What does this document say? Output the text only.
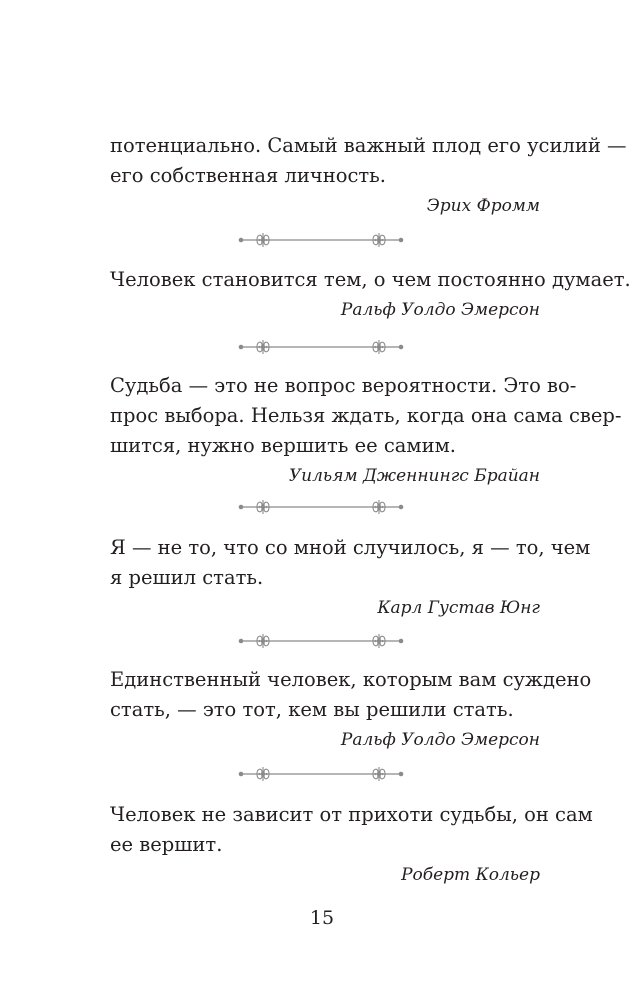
потенциально. Самый важный плод его усилий —
его собственная личность.
Эрих Фромм
Человек становится тем, о чем постоянно думает.
Ральф Уолдо Эмерсон
Судьба — это не вопрос вероятности. Это во-
прос выбора. Нельзя ждать, когда она сама свер-
шится, нужно вершить ее самим.
Уильям Дженнингс Брайан
Я — не то, что со мной случилось, я — то, чем
я решил стать.
Карл Густав Юнг
Единственный человек, которым вам суждено
стать, — это тот, кем вы решили стать.
Ральф Уолдо Эмерсон
Человек не зависит от прихоти судьбы, он сам
ее вершит.
Роберт Кольер
15
